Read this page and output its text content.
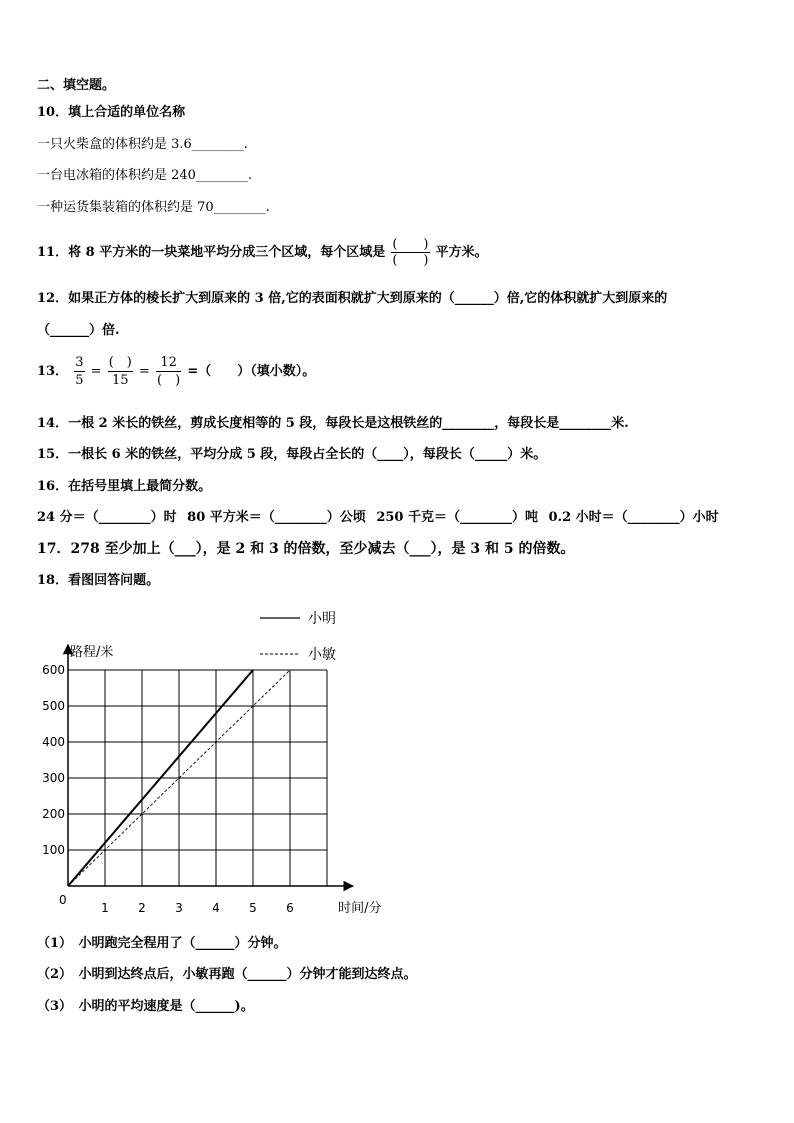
二、填空题。
10．填上合适的单位名称
一只火柴盒的体积约是 3.6________.
一台电冰箱的体积约是 240________.
一种运货集装箱的体积约是 70________.
11．将 8 平方米的一块菜地平均分成三个区域，每个区域是 $\frac{( )}{( )}$ 平方米。
12．如果正方体的棱长扩大到原来的 3 倍,它的表面积就扩大到原来的（______）倍,它的体积就扩大到原来的
（______）倍.
13． $\frac{3}{5} = \frac{( )}{15} = \frac{12}{( )}$ =（　　）（填小数）。
14．一根 2 米长的铁丝，剪成长度相等的 5 段，每段长是这根铁丝的________，每段长是________米.
15．一根长 6 米的铁丝，平均分成 5 段，每段占全长的（____），每段长（_____）米。
16．在括号里填上最简分数。
24 分＝（________）时 80 平方米＝（________）公顷 250 千克＝（________）吨 0.2 小时＝（________）小时
17．278 至少加上（___），是 2 和 3 的倍数，至少减去（___），是 3 和 5 的倍数。
18．看图回答问题。
1 2 3 4 5 6
100
200
300
400
500
600
小明
小敏
时间/分
路程/米
0
（1）　小明跑完全程用了（______）分钟。
（2）　小明到达终点后，小敏再跑（______）分钟才能到达终点。
（3）　小明的平均速度是（______)。
